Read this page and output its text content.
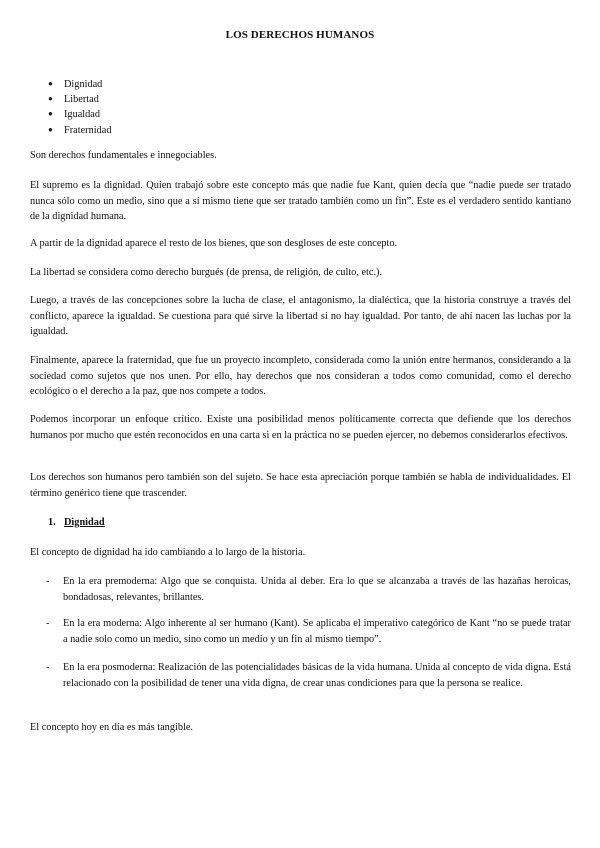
LOS DERECHOS HUMANOS
● Dignidad
● Libertad
● Igualdad
● Fraternidad

Son derechos fundamentales e innegociables.

El supremo es la dignidad. Quien trabajó sobre este concepto más que nadie fue Kant, quien decía que “nadie puede ser tratado nunca sólo como un medio, sino que a sí mismo tiene que ser tratado también como un fin”. Este es el verdadero sentido kantiano de la dignidad humana.

A partir de la dignidad aparece el resto de los bienes, que son desgloses de este concepto.

La libertad se considera como derecho burgués (de prensa, de religión, de culto, etc.).

Luego, a través de las concepciones sobre la lucha de clase, el antagonismo, la dialéctica, que la historia construye a través del conflicto, aparece la igualdad. Se cuestiona para qué sirve la libertad si no hay igualdad. Por tanto, de ahí nacen las luchas por la igualdad.

Finalmente, aparece la fraternidad, que fue un proyecto incompleto, considerada como la unión entre hermanos, considerando a la sociedad como sujetos que nos unen. Por ello, hay derechos que nos consideran a todos como comunidad, como el derecho ecológico o el derecho a la paz, que nos compete a todos.

Podemos incorporar un enfoque crítico. Existe una posibilidad menos políticamente correcta que defiende que los derechos humanos por mucho que estén reconocidos en una carta si en la práctica no se pueden ejercer, no debemos considerarlos efectivos.

Los derechos son humanos pero también son del sujeto. Se hace esta apreciación porque también se habla de individualidades. El término genérico tiene que trascender.

1. Dignidad

El concepto de dignidad ha ido cambiando a lo largo de la historia.

-	En la era premoderna: Algo que se conquista. Unida al deber. Era lo que se alcanzaba a través de las hazañas heroicas, bondadosas, relevantes, brillantes.
-	En la era moderna: Algo inherente al ser humano (Kant). Se aplicaba el imperativo categórico de Kant “no se puede tratar a nadie solo como un medio, sino como un medio y un fin al mismo tiempo”.
-	En la era posmoderna: Realización de las potencialidades básicas de la vida humana. Unida al concepto de vida digna. Está relacionado con la posibilidad de tener una vida digna, de crear unas condiciones para que la persona se realice.

El concepto hoy en día es más tangible.
